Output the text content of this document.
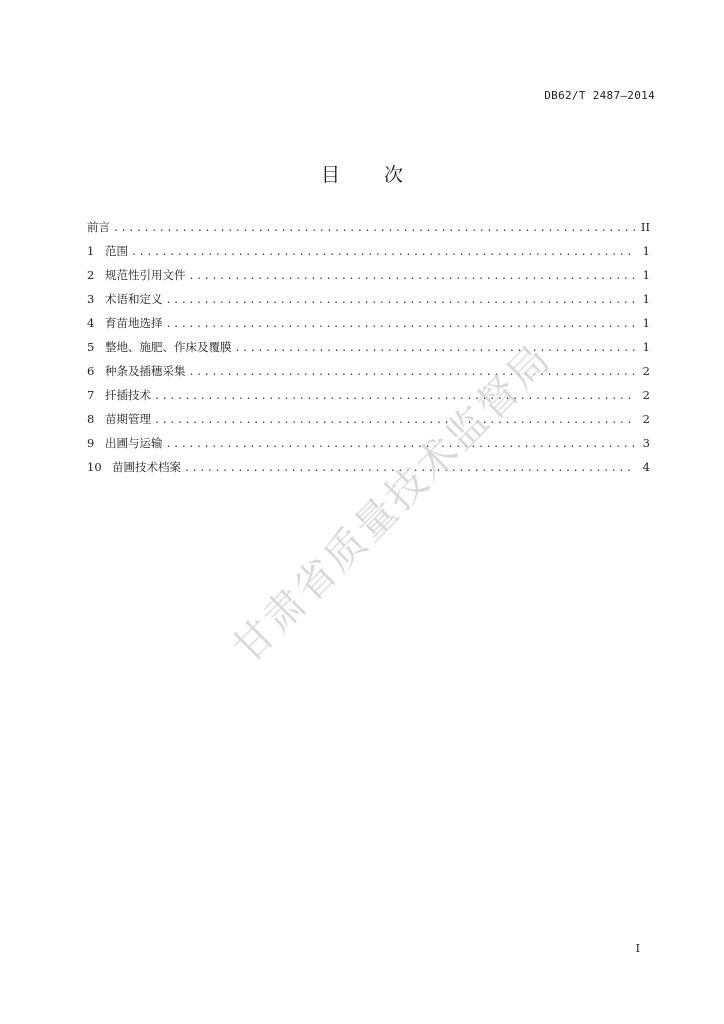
DB62/T 2487—2014
目 次
前言 .....	II
1 范围 .....	1
2 规范性引用文件 .....	1
3 术语和定义 .....	1
4 育苗地选择 .....	1
5 整地、施肥、作床及覆膜 .....	1
6 种条及插穗采集 .....	2
7 扦插技术 .....	2
8 苗期管理 .....	2
9 出圃与运输 .....	3
10 苗圃技术档案 .....	4
甘肃省质量技术监督局
I
